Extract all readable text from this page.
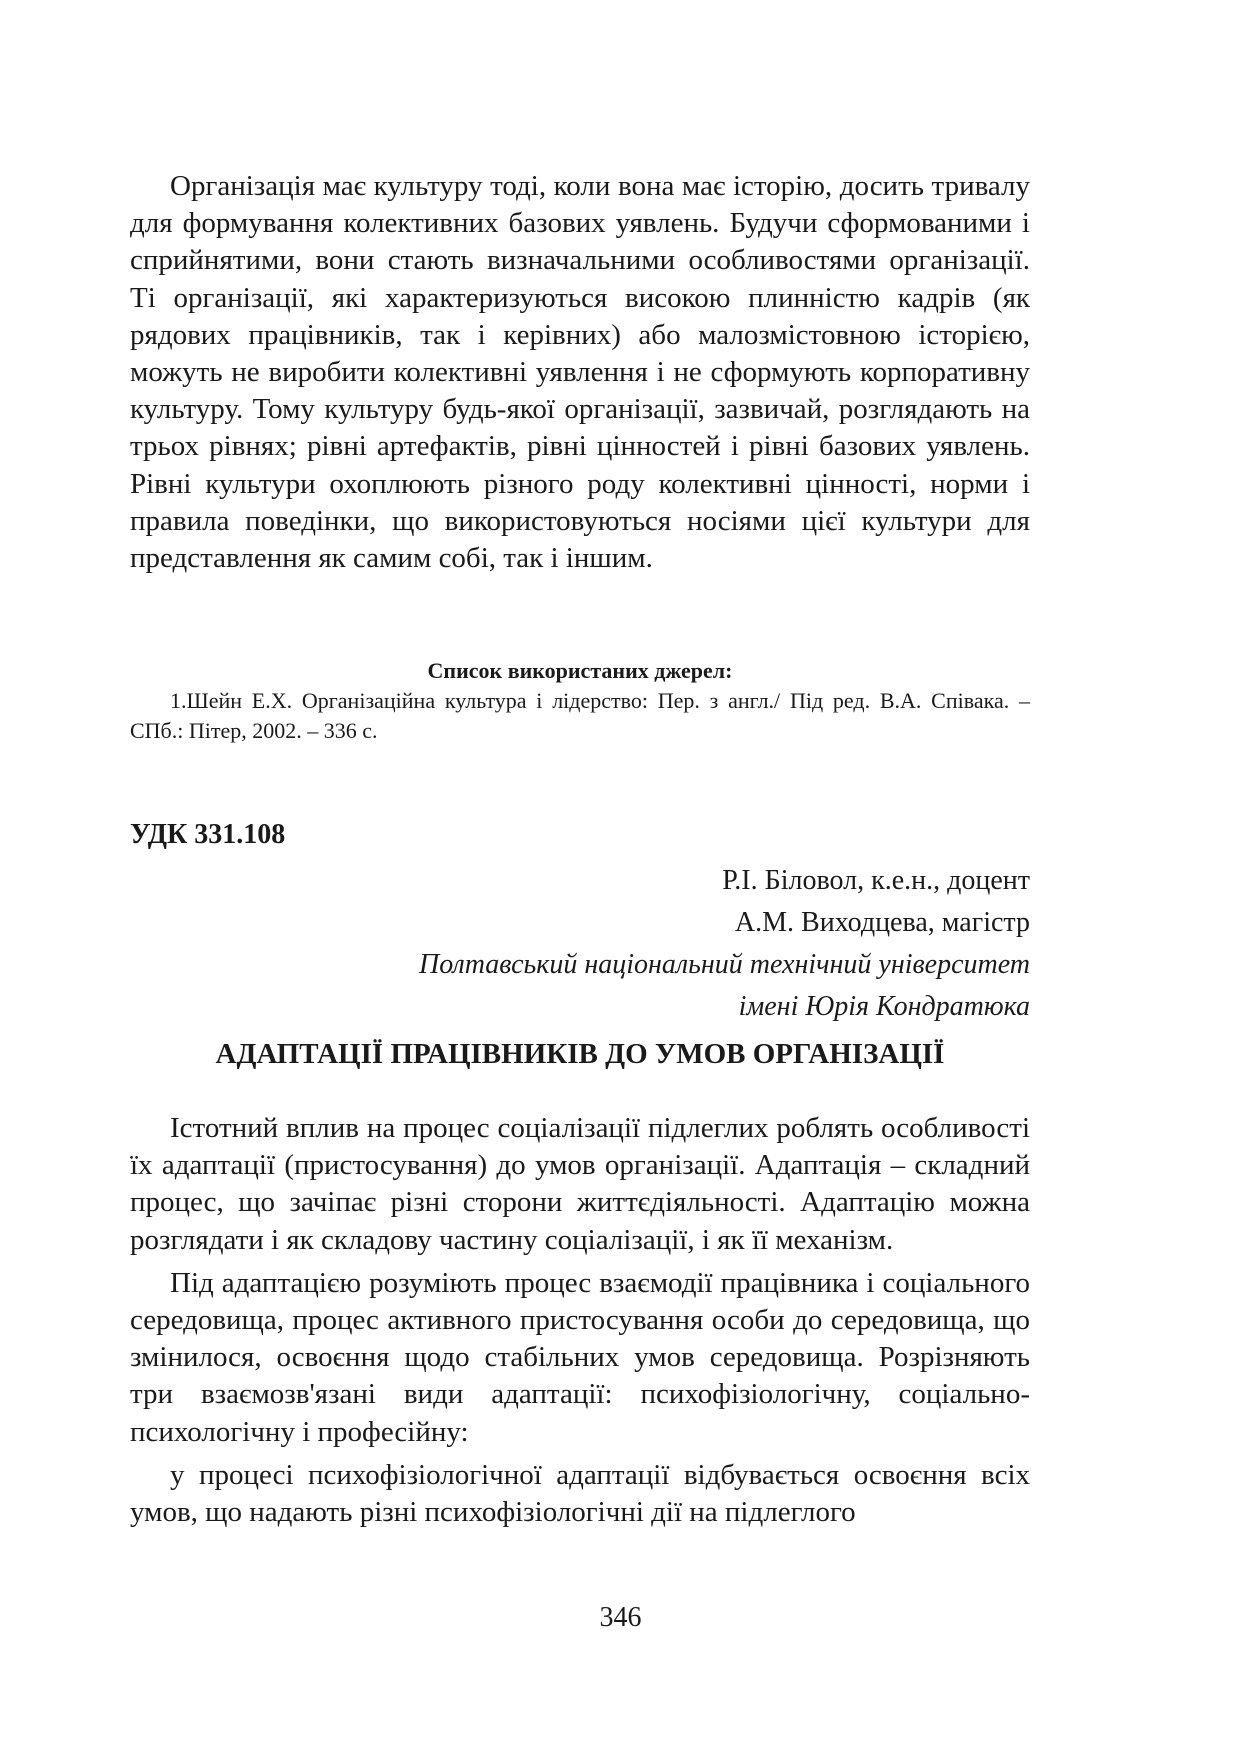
Організація має культуру тоді, коли вона має історію, досить тривалу для формування колективних базових уявлень. Будучи сформованими і сприйнятими, вони стають визначальними особливостями організації. Ті організації, які характеризуються високою плинністю кадрів (як рядових працівників, так і керівних) або малозмістовною історією, можуть не виробити колективні уявлення і не сформують корпоративну культуру. Тому культуру будь-якої організації, зазвичай, розглядають на трьох рівнях; рівні артефактів, рівні цінностей і рівні базових уявлень. Рівні культури охоплюють різного роду колективні цінності, норми і правила поведінки, що використовуються носіями цієї культури для представлення як самим собі, так і іншим.

Список використаних джерел:

1.Шейн Е.Х. Організаційна культура і лідерство: Пер. з англ./ Під ред. В.А. Співака. – СПб.: Пітер, 2002. – 336 с.

УДК 331.108

Р.І. Біловол, к.е.н., доцент
А.М. Виходцева, магістр
Полтавський національний технічний університет
імені Юрія Кондратюка

АДАПТАЦІЇ ПРАЦІВНИКІВ ДО УМОВ ОРГАНІЗАЦІЇ

Істотний вплив на процес соціалізації підлеглих роблять особливості їх адаптації (пристосування) до умов організації. Адаптація – складний процес, що зачіпає різні сторони життєдіяльності. Адаптацію можна розглядати і як складову частину соціалізації, і як її механізм.

Під адаптацією розуміють процес взаємодії працівника і соціального середовища, процес активного пристосування особи до середовища, що змінилося, освоєння щодо стабільних умов середовища. Розрізняють три взаємозв'язані види адаптації: психофізіологічну, соціально-психологічну і професійну:

у процесі психофізіологічної адаптації відбувається освоєння всіх умов, що надають різні психофізіологічні дії на підлеглого

346
